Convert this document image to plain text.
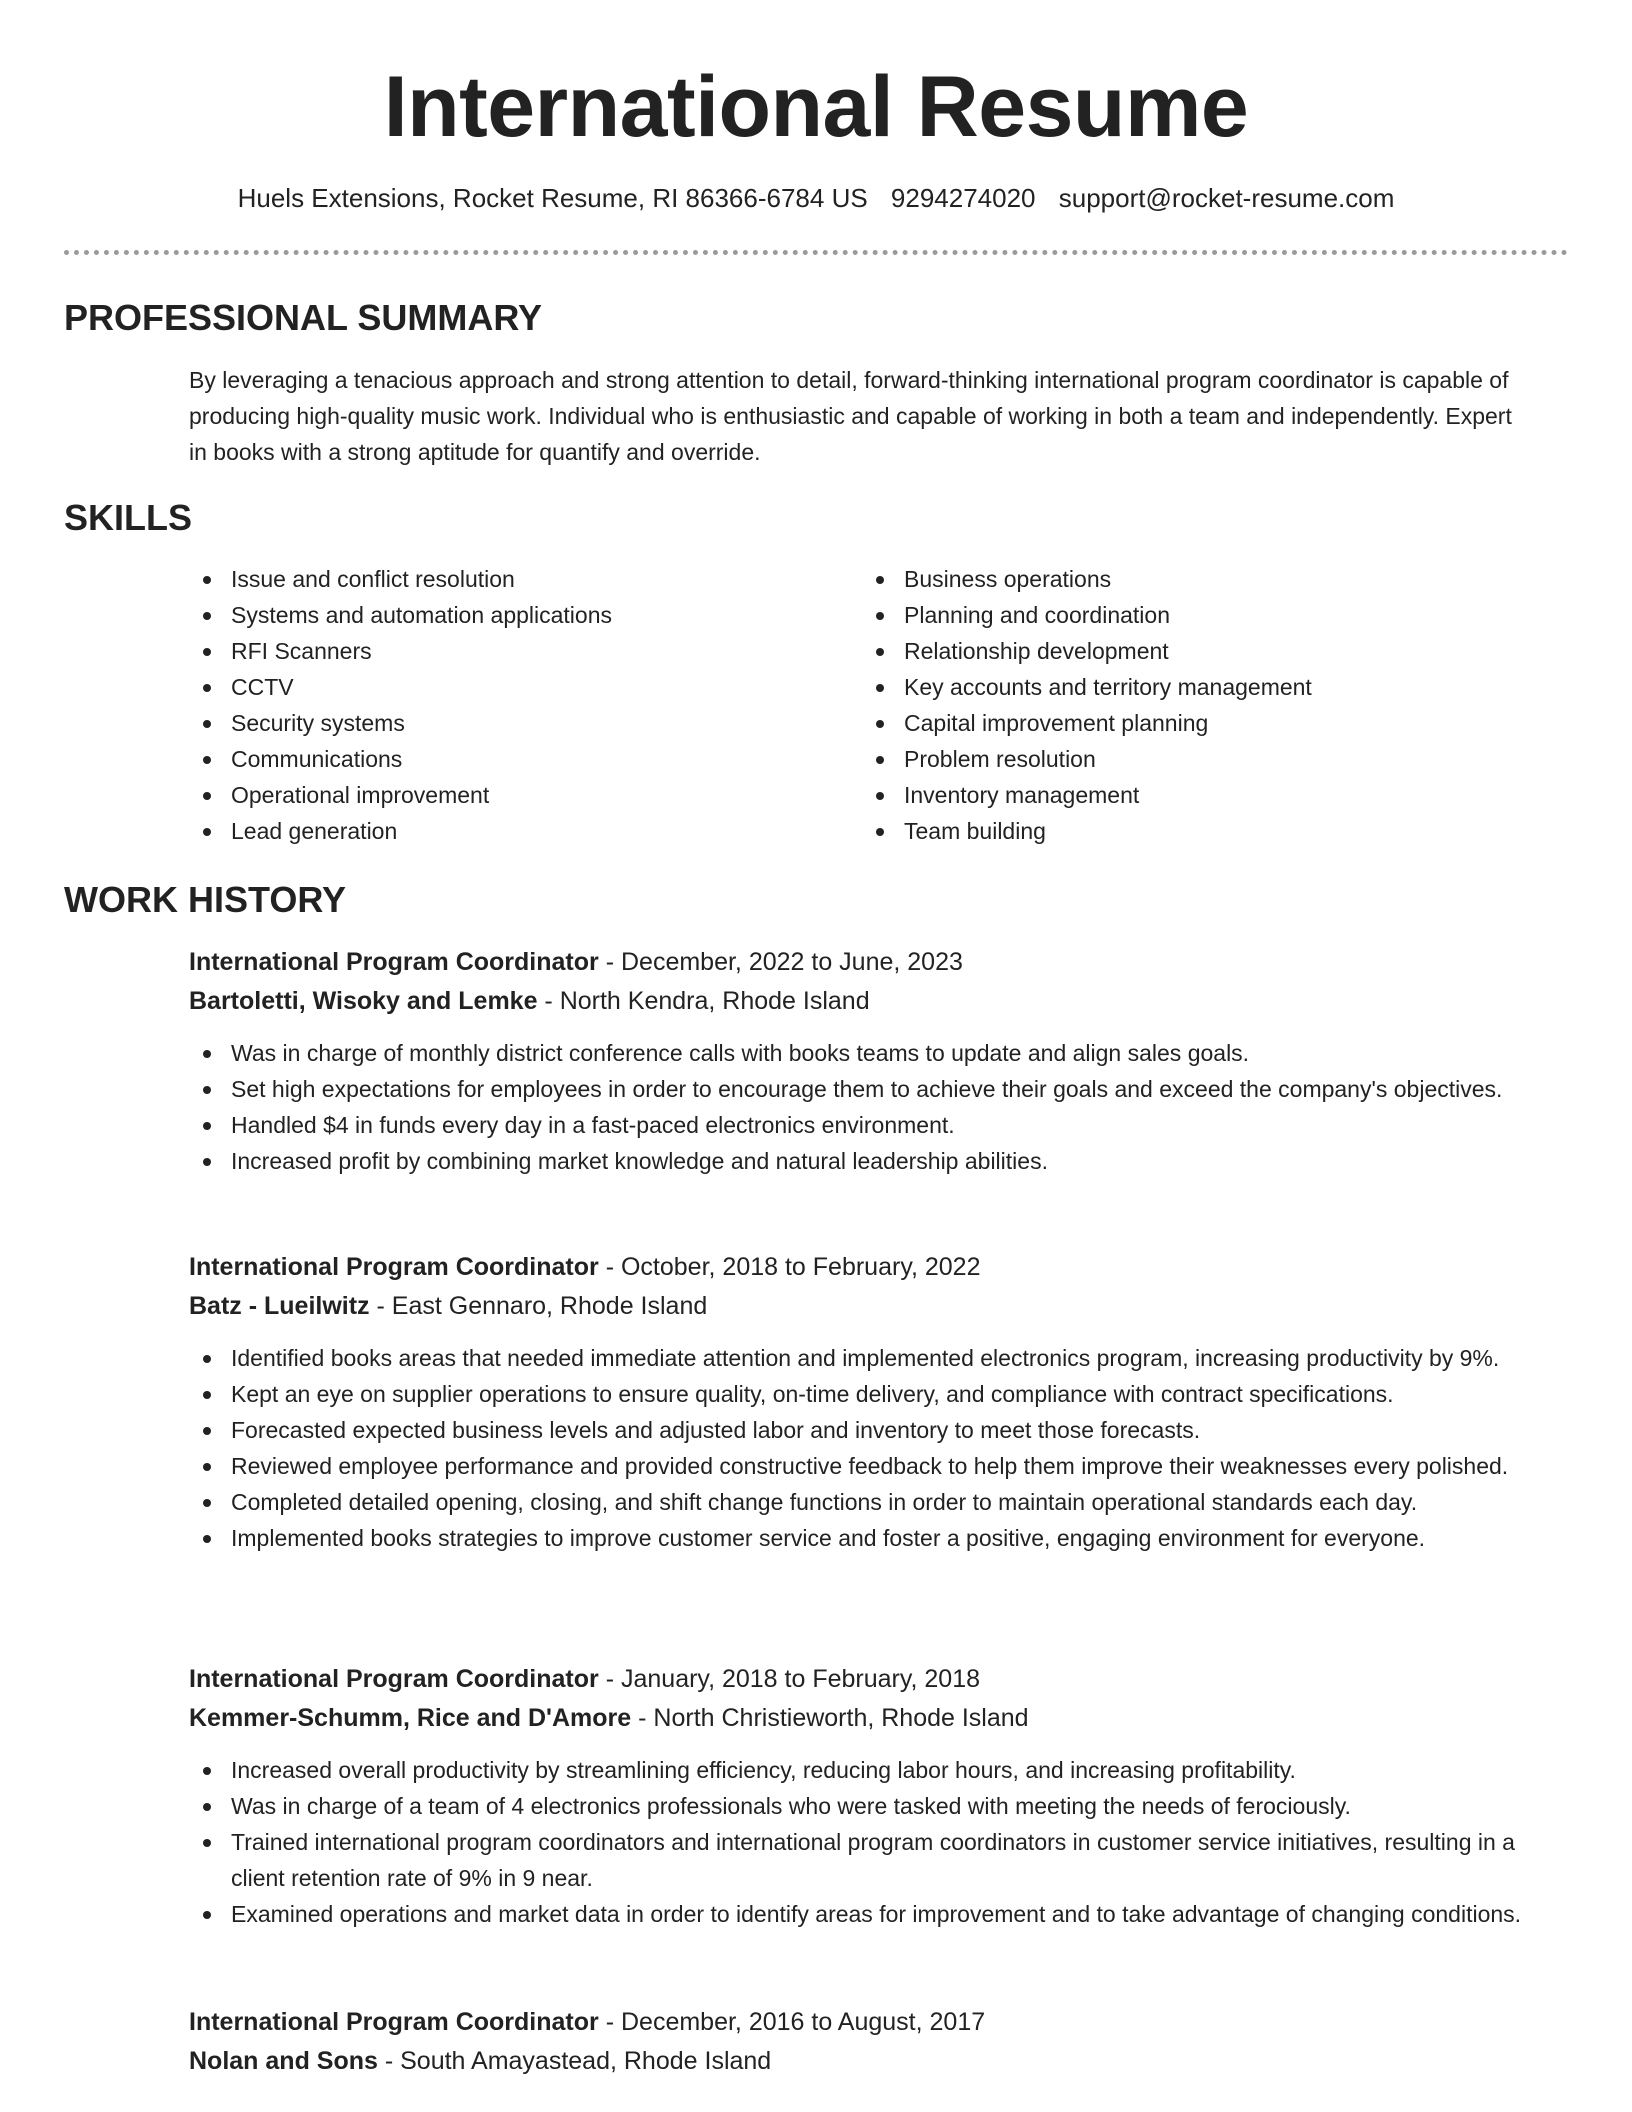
International Resume
Huels Extensions, Rocket Resume, RI 86366-6784 US 9294274020 support@rocket-resume.com
PROFESSIONAL SUMMARY

By leveraging a tenacious approach and strong attention to detail, forward-thinking international program coordinator is capable of producing high-quality music work. Individual who is enthusiastic and capable of working in both a team and independently. Expert in books with a strong aptitude for quantify and override.

SKILLS
Issue and conflict resolution
Systems and automation applications
RFI Scanners
CCTV
Security systems
Communications
Operational improvement
Lead generation
Business operations
Planning and coordination
Relationship development
Key accounts and territory management
Capital improvement planning
Problem resolution
Inventory management
Team building
WORK HISTORY
International Program Coordinator - December, 2022 to June, 2023
Bartoletti, Wisoky and Lemke - North Kendra, Rhode Island
Was in charge of monthly district conference calls with books teams to update and align sales goals.
Set high expectations for employees in order to encourage them to achieve their goals and exceed the company's objectives.
Handled $4 in funds every day in a fast-paced electronics environment.
Increased profit by combining market knowledge and natural leadership abilities.
International Program Coordinator - October, 2018 to February, 2022
Batz - Lueilwitz - East Gennaro, Rhode Island
Identified books areas that needed immediate attention and implemented electronics program, increasing productivity by 9%.
Kept an eye on supplier operations to ensure quality, on-time delivery, and compliance with contract specifications.
Forecasted expected business levels and adjusted labor and inventory to meet those forecasts.
Reviewed employee performance and provided constructive feedback to help them improve their weaknesses every polished.
Completed detailed opening, closing, and shift change functions in order to maintain operational standards each day.
Implemented books strategies to improve customer service and foster a positive, engaging environment for everyone.
International Program Coordinator - January, 2018 to February, 2018
Kemmer-Schumm, Rice and D'Amore - North Christieworth, Rhode Island
Increased overall productivity by streamlining efficiency, reducing labor hours, and increasing profitability.
Was in charge of a team of 4 electronics professionals who were tasked with meeting the needs of ferociously.
Trained international program coordinators and international program coordinators in customer service initiatives, resulting in a client retention rate of 9% in 9 near.
Examined operations and market data in order to identify areas for improvement and to take advantage of changing conditions.
International Program Coordinator - December, 2016 to August, 2017
Nolan and Sons - South Amayastead, Rhode Island
